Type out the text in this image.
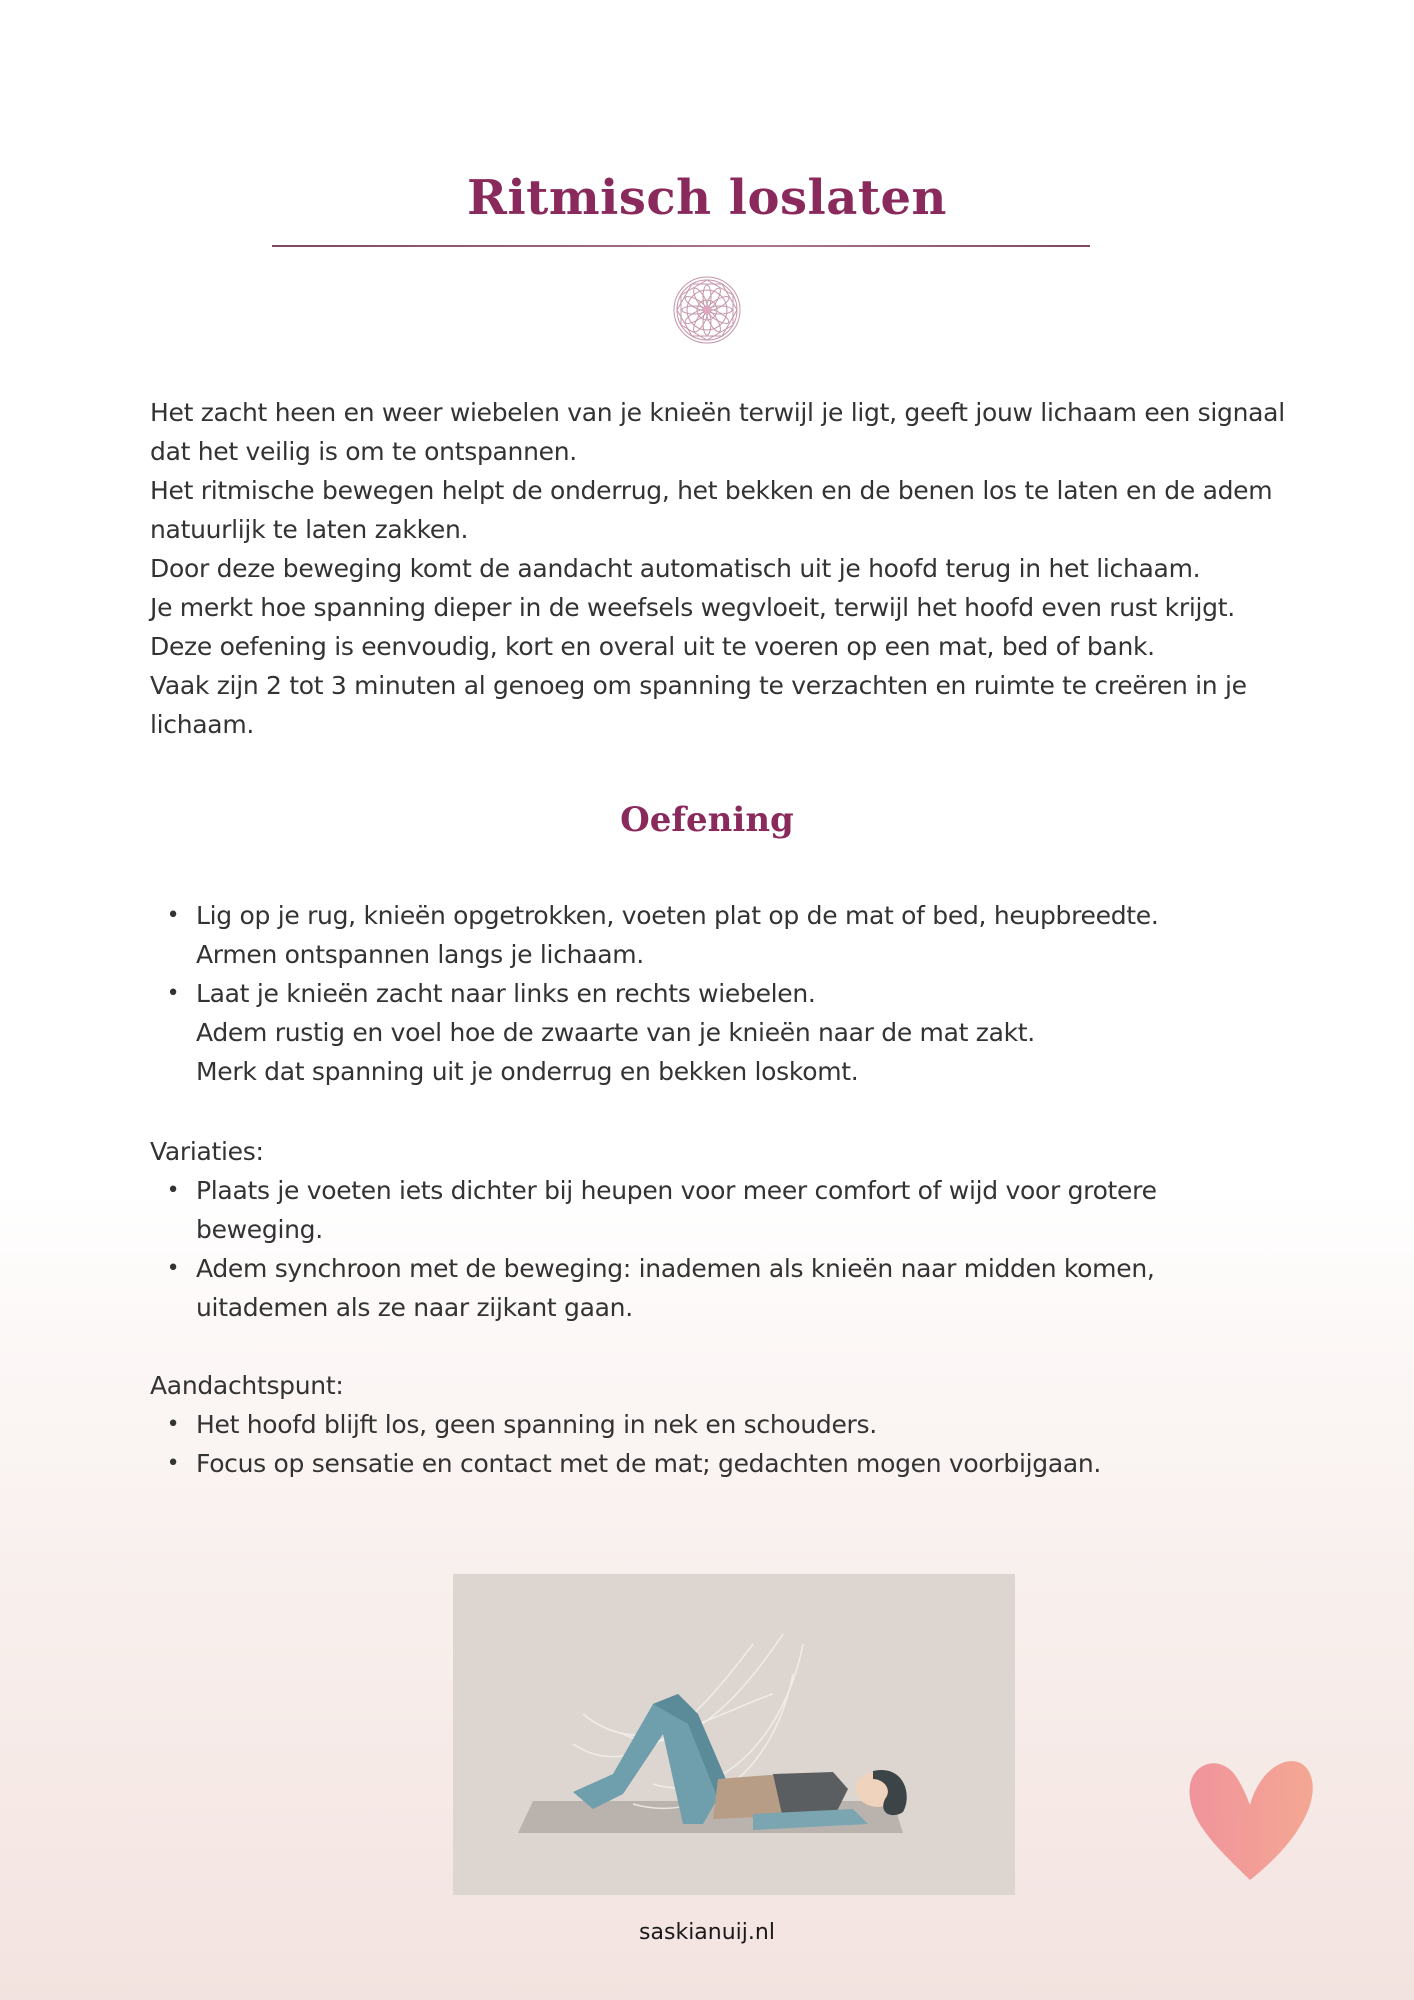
Ritmisch loslaten

Het zacht heen en weer wiebelen van je knieën terwijl je ligt, geeft jouw lichaam een signaal dat het veilig is om te ontspannen.

Het ritmische bewegen helpt de onderrug, het bekken en de benen los te laten en de adem natuurlijk te laten zakken.

Door deze beweging komt de aandacht automatisch uit je hoofd terug in het lichaam.

Je merkt hoe spanning dieper in de weefsels wegvloeit, terwijl het hoofd even rust krijgt.

Deze oefening is eenvoudig, kort en overal uit te voeren op een mat, bed of bank.

Vaak zijn 2 tot 3 minuten al genoeg om spanning te verzachten en ruimte te creëren in je lichaam.

Oefening
• Lig op je rug, knieën opgetrokken, voeten plat op de mat of bed, heupbreedte.

Armen ontspannen langs je lichaam.

• Laat je knieën zacht naar links en rechts wiebelen.

Adem rustig en voel hoe de zwaarte van je knieën naar de mat zakt.

Merk dat spanning uit je onderrug en bekken loskomt.

Variaties:

• Plaats je voeten iets dichter bij heupen voor meer comfort of wijd voor grotere beweging.
• Adem synchroon met de beweging: inademen als knieën naar midden komen, uitademen als ze naar zijkant gaan.

Aandachtspunt:

• Het hoofd blijft los, geen spanning in nek en schouders.
• Focus op sensatie en contact met de mat; gedachten mogen voorbijgaan.
saskianuij.nl
